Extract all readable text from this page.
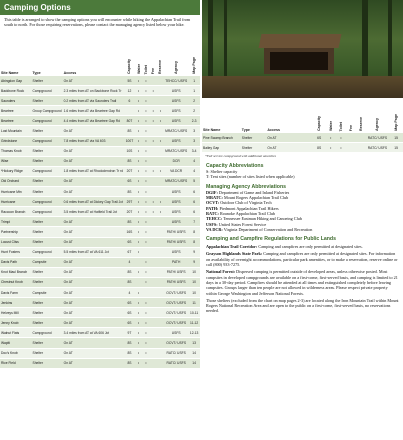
Camping Options
This table is arranged to show the camping options you will encounter while hiking the Appalachian Trail from south to north. For those requiring reservations, please contact the managing agency listed below your hike.
Site Name	Type	Access	Capacity	Water	Toilet	Fee	Reserve	Agency	Map Page
Abingdon Gap	Shelter	On AT	5S	•	•			TEHCC/ USFS	1
Backbone Rock	Campground	2.3 miles from AT on Backbone Rock Tr	12	•	•	•		USFS	1
Saunders	Shelter	0.2 miles from AT via Saunders Trail	6	•	•			USFS	2
Beartree	Group Campground	1.6 miles from AT via Beartree Gap Rd		•	•	•	•	USFS	2
Beartree	Campground	4.4 miles from AT via Beartree Gap Rd	80T	•	•	•	•	USFS	2-3
Lost Mountain	Shelter	On AT	8S	•	•			MRATC/ USFS	3
Grindstone	Campground	7.8 miles from AT via VA 603	100T	•	•	•	•	USFS	3
Thomas Knob	Shelter	On AT	10S	•	•			MRATC/ USFS	3-4
Wise	Shelter	On AT	8S	•	•			DCR	4
*Hickory Ridge	Campground	1.8 miles from AT at Rhododendron Tr rd	20T	•	•	•	•	VA DCR	4
Old Orchard	Shelter	On AT	6S	•	•			MRATC/ USFS	5
Hurricane Mtn	Shelter	On AT	8S	•	•			USFS	6
Hurricane	Campground	0.6 miles from AT at Dickey Gap Trail Jct	29T	•	•	•	•	USFS	6
Raccoon Branch	Campground	3.5 miles from AT at Hatfield Trail Jct	20T	•	•	•	•	USFS	6
Trimpi	Shelter	On AT	8S	•	•			USFS	7
Partnership	Shelter	On AT	16S	•	•			PATH/ USFS	8
Locust Cliss	Shelter	On AT	6S	•	•			PATH/ USFS	8
Hunt Fosters	Campground	5.5 miles from AT at VA 611 Jct	6T	•				USFS	9
Davis Path	Campsite	On AT	4		•			PATH	9
Knot Maul Branch	Shelter	On AT	8S	•	•			PATH/ USFS	10
Chestnut Knob	Shelter	On AT	8S		•			PATH/ USFS	10
Davis Farm	Campsite	On AT	4	•				OCVT/ USFS	10
Jenkins	Shelter	On AT	6S	•	•			OCVT/ USFS	11
Helveys Mill	Shelter	On AT	6S	•	•			OCVT/ USFS	10-11
Jenny Knob	Shelter	On AT	6S	•	•			OCVT/ USFS	11-12
Walnut Flats	Campground	3.4 miles from AT at VA 606 Jct	9T	•	•			USFS	12-13
Wapiti	Shelter	On AT	8S	•	•			OCVT/ USFS	13
Doc's Knob	Shelter	On AT	8S	•	•			RATC/ USFS	14
Rice Field	Shelter	On AT	8S	•	•			RATC/ USFS	14
Site Name	Type	Access	Capacity	Water	Toilet	Fee	Reserve	Agency	Map Page
Pine Swamp Branch	Shelter	On AT	6S	•	•			RATC/ USFS	15
Bailey Gap	Shelter	On AT	8S	•	•			RATC/ USFS	15
*Fall service campground with additional amenities
Capacity Abbreviations

S: Shelter capacity

T: Tent sites (number of sites listed when applicable)

Managing Agency Abbreviations

DGIF: Department of Game and Inland Fisheries

MRATC: Mount Rogers Appalachian Trail Club

OCVT: Outdoor Club of Virginia Tech

PATH: Piedmont Appalachian Trail Hikers

RATC: Roanoke Appalachian Trail Club

TEHCC: Tennessee Eastman Hiking and Canoeing Club

USFS: United States Forest Service

VA DCR: Virginia Department of Conservation and Recreation

Camping and Campfire Regulations for Public Lands

Appalachian Trail Corridor: Camping and campfires are only permitted at designated sites.

Grayson Highlands State Park: Camping and campfires are only permitted at designated sites. For information on availability of overnight accommodations, particular park amenities, or to make a reservation, reserve online or call (800) 933-7275.

National Forest: Dispersed camping is permitted outside of developed areas, unless otherwise posted. Most campsites in developed campgrounds are available on a first-come, first-served basis, and camping is limited to 21 days in a 30-day period. Campfires should be attended at all times and extinguished completely before leaving campsites. Groups larger than ten people are not allowed in wilderness areas. Please respect private property within George Washington and Jefferson National Forests.

Those shelters (excluded from the chart on map pages 2-3) are located along the Iron Mountain Trail within Mount Rogers National Recreation Area and are open to the public on a first-come, first-served basis, no reservations needed.
